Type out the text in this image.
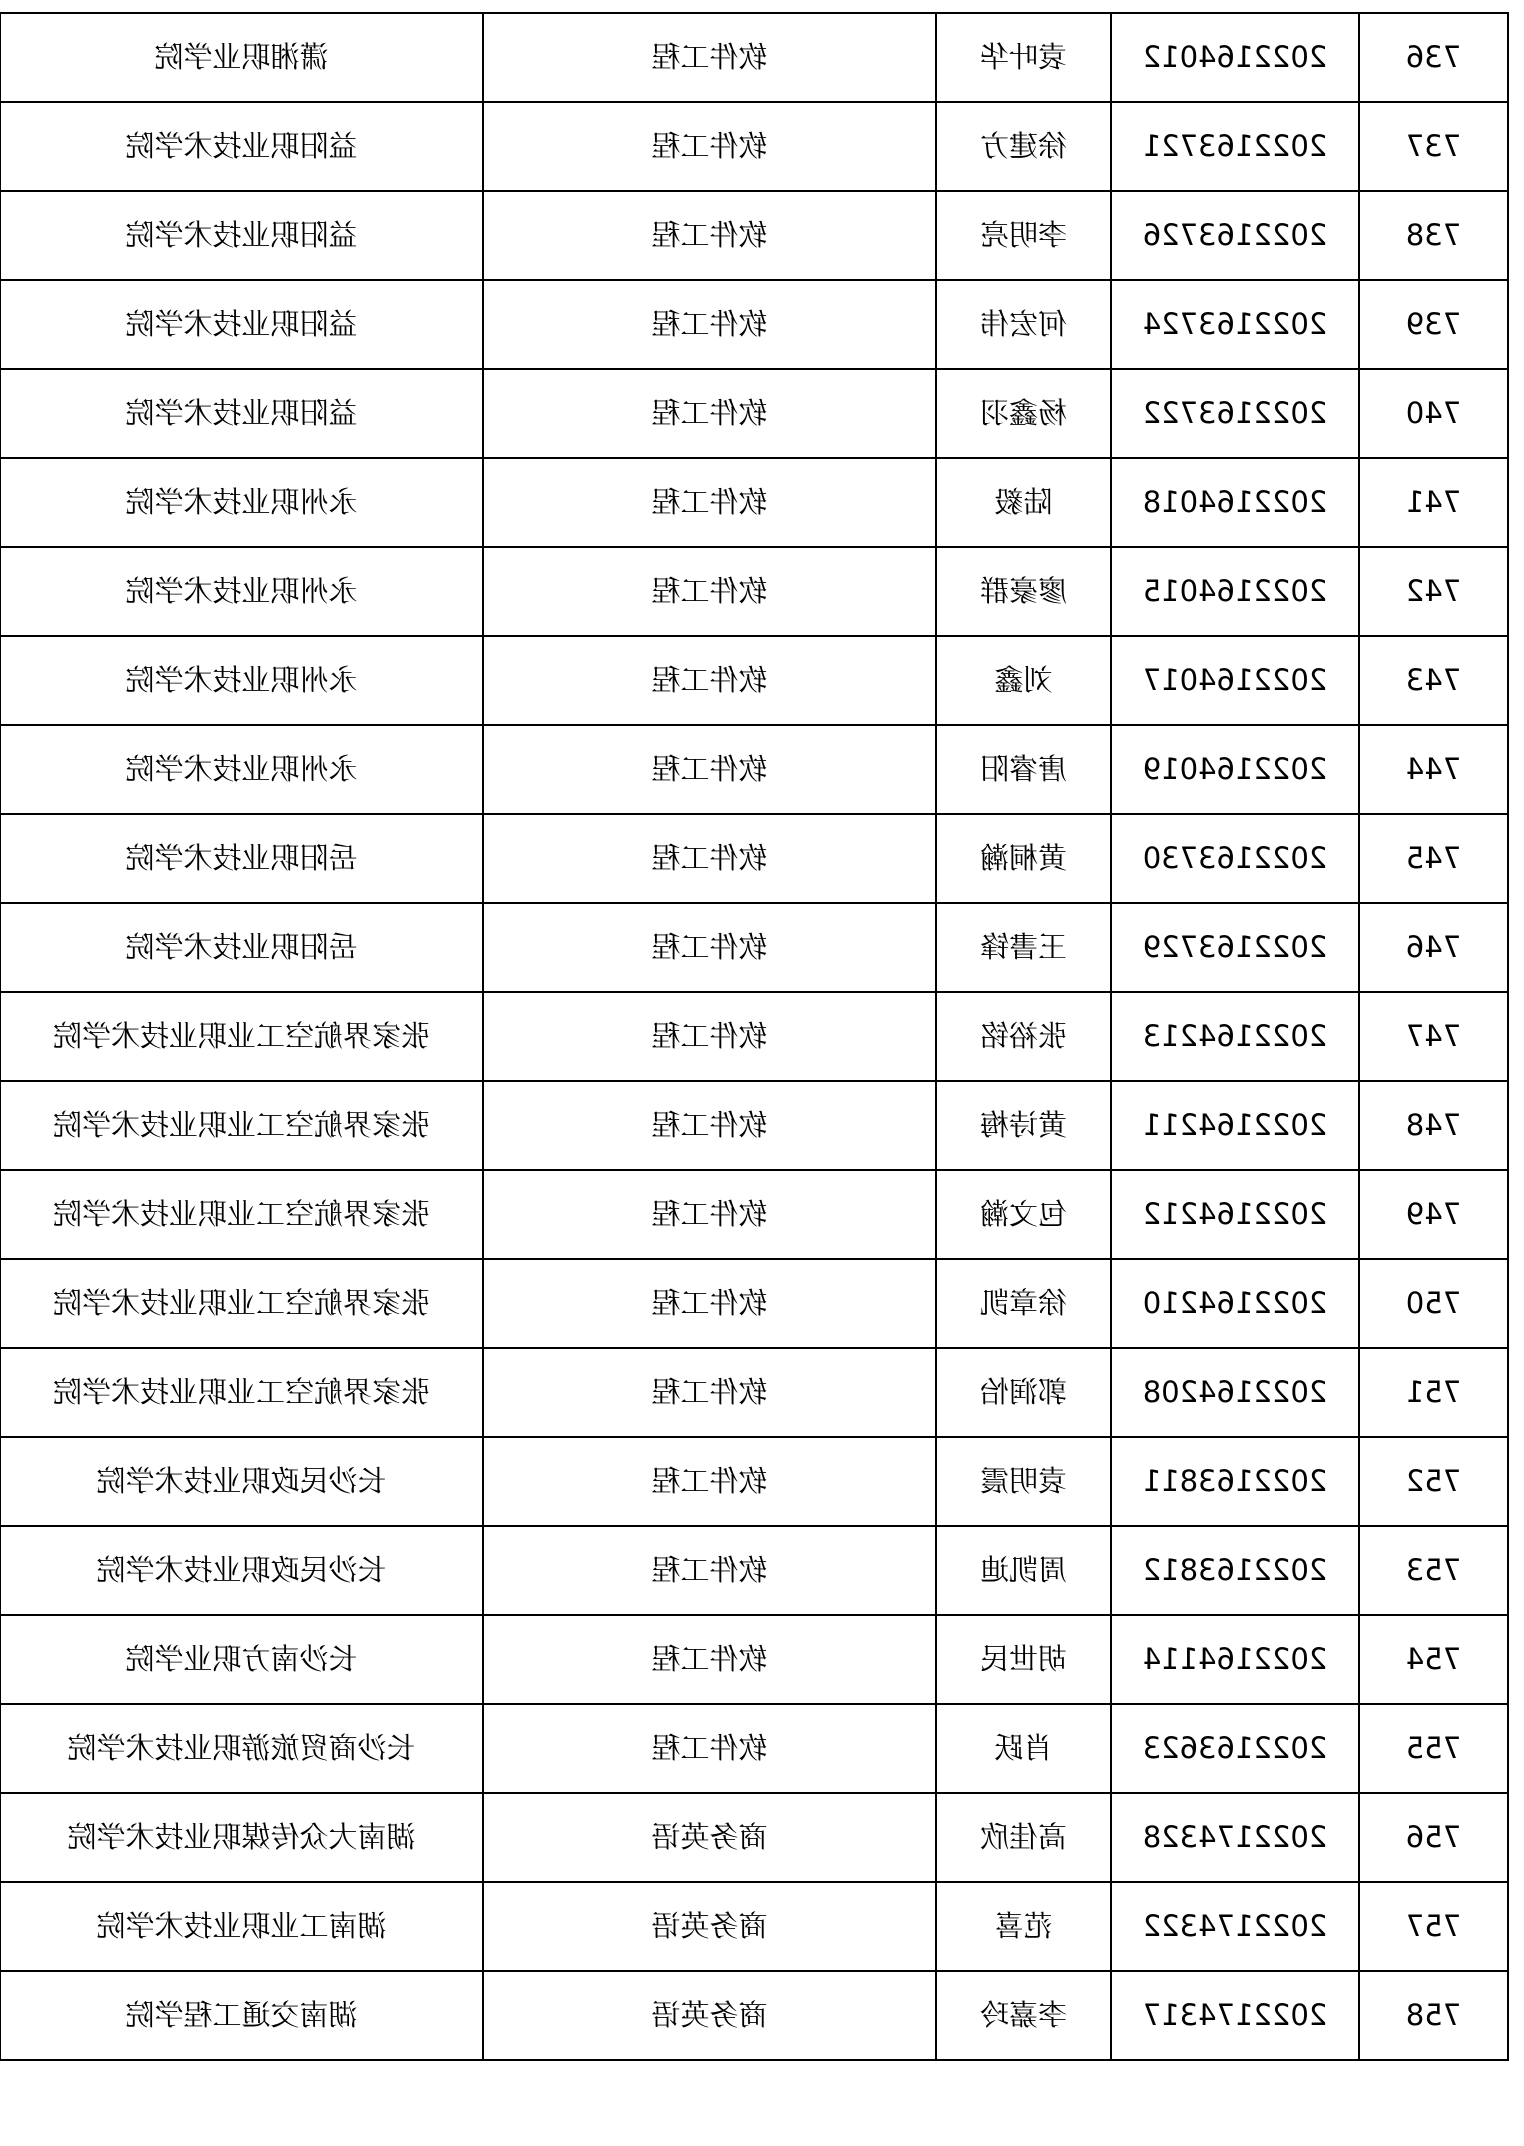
736	2022164012	袁叶华	软件工程	潇湘职业学院
737	2022163721	徐建方	软件工程	益阳职业技术学院
738	2022163726	李明亮	软件工程	益阳职业技术学院
739	2022163724	何宏伟	软件工程	益阳职业技术学院
740	2022163722	杨鑫羽	软件工程	益阳职业技术学院
741	2022164018	陆毅	软件工程	永州职业技术学院
742	2022164015	廖豪群	软件工程	永州职业技术学院
743	2022164017	刘鑫	软件工程	永州职业技术学院
744	2022164019	唐睿阳	软件工程	永州职业技术学院
745	2022163730	黄桐瀚	软件工程	岳阳职业技术学院
746	2022163729	王書锋	软件工程	岳阳职业技术学院
747	2022164213	张裕铭	软件工程	张家界航空工业职业技术学院
748	2022164211	黄诗梅	软件工程	张家界航空工业职业技术学院
749	2022164212	包文瀚	软件工程	张家界航空工业职业技术学院
750	2022164210	徐章凯	软件工程	张家界航空工业职业技术学院
751	2022164208	郭润怡	软件工程	张家界航空工业职业技术学院
752	2022163811	袁明震	软件工程	长沙民政职业技术学院
753	2022163812	周凯迪	软件工程	长沙民政职业技术学院
754	2022164114	胡世民	软件工程	长沙南方职业学院
755	2022163623	肖跃	软件工程	长沙商贸旅游职业技术学院
756	2022174328	高佳欣	商务英语	湖南大众传媒职业技术学院
757	2022174322	范喜	商务英语	湖南工业职业技术学院
758	2022174317	李嘉玲	商务英语	湖南交通工程学院
